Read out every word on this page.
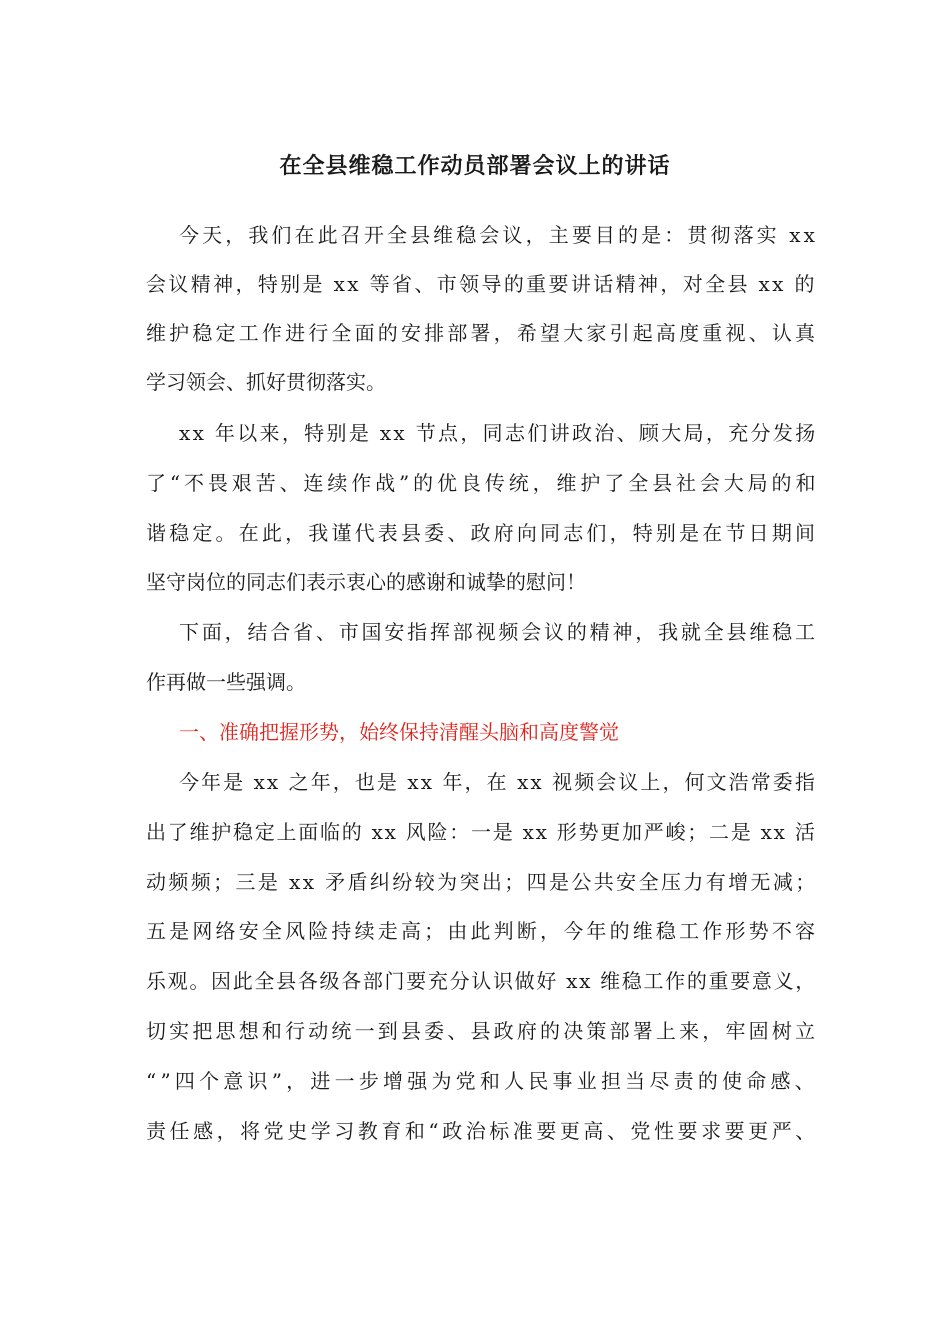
在全县维稳工作动员部署会议上的讲话

今天，我们在此召开全县维稳会议，主要目的是：贯彻落实 xx

会议精神，特别是 xx 等省、市领导的重要讲话精神，对全县 xx 的

维护稳定工作进行全面的安排部署，希望大家引起高度重视、认真

学习领会、抓好贯彻落实。

xx 年以来，特别是 xx 节点，同志们讲政治、顾大局，充分发扬

了“不畏艰苦、连续作战”的优良传统，维护了全县社会大局的和

谐稳定。在此，我谨代表县委、政府向同志们，特别是在节日期间

坚守岗位的同志们表示衷心的感谢和诚挚的慰问！

下面，结合省、市国安指挥部视频会议的精神，我就全县维稳工

作再做一些强调。

一、准确把握形势，始终保持清醒头脑和高度警觉

今年是 xx 之年，也是 xx 年，在 xx 视频会议上，何文浩常委指

出了维护稳定上面临的 xx 风险：一是 xx 形势更加严峻；二是 xx 活

动频频；三是 xx 矛盾纠纷较为突出；四是公共安全压力有增无减；

五是网络安全风险持续走高；由此判断，今年的维稳工作形势不容

乐观。因此全县各级各部门要充分认识做好 xx 维稳工作的重要意义，

切实把思想和行动统一到县委、县政府的决策部署上来，牢固树立

“”四个意识”，进一步增强为党和人民事业担当尽责的使命感、

责任感，将党史学习教育和“政治标准要更高、党性要求要更严、
